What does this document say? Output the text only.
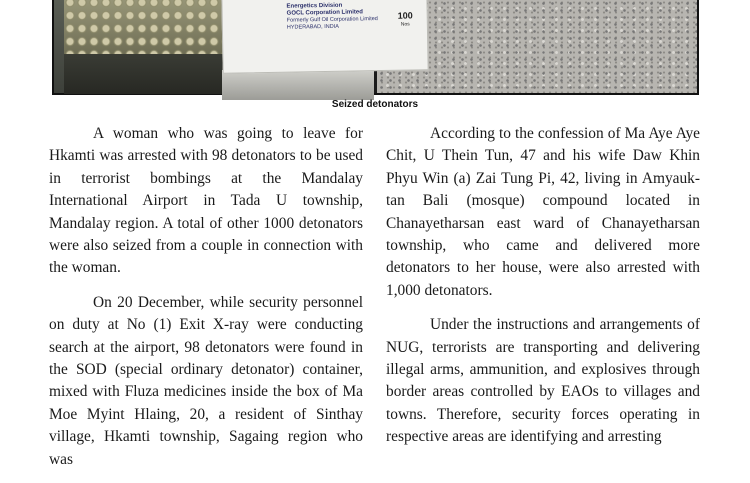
Energetics Division
GOCL Corporation Limited
Formerly Gulf Oil Corporation Limited
HYDERABAD, INDIA
100
Nos
Seized detonators

A woman who was going to leave for Hkamti was arrested with 98 detonators to be used in terrorist bombings at the Mandalay International Airport in Tada U township, Mandalay region. A total of other 1000 detonators were also seized from a couple in connection with the woman.

On 20 December, while security personnel on duty at No (1) Exit X-ray were conducting search at the airport, 98 detonators were found in the SOD (special ordinary detonator) container, mixed with Fluza medicines inside the box of Ma Moe Myint Hlaing, 20, a resident of Sinthay village, Hkamti township, Sagaing region who was

According to the confession of Ma Aye Aye Chit, U Thein Tun, 47 and his wife Daw Khin Phyu Win (a) Zai Tung Pi, 42, living in Amyauk-tan Bali (mosque) compound located in Chanayetharsan east ward of Chanayetharsan township, who came and delivered more detonators to her house, were also arrested with 1,000 detonators.

Under the instructions and arrangements of NUG, terrorists are transporting and delivering illegal arms, ammunition, and explosives through border areas controlled by EAOs to villages and towns. Therefore, security forces operating in respective areas are identifying and arresting
